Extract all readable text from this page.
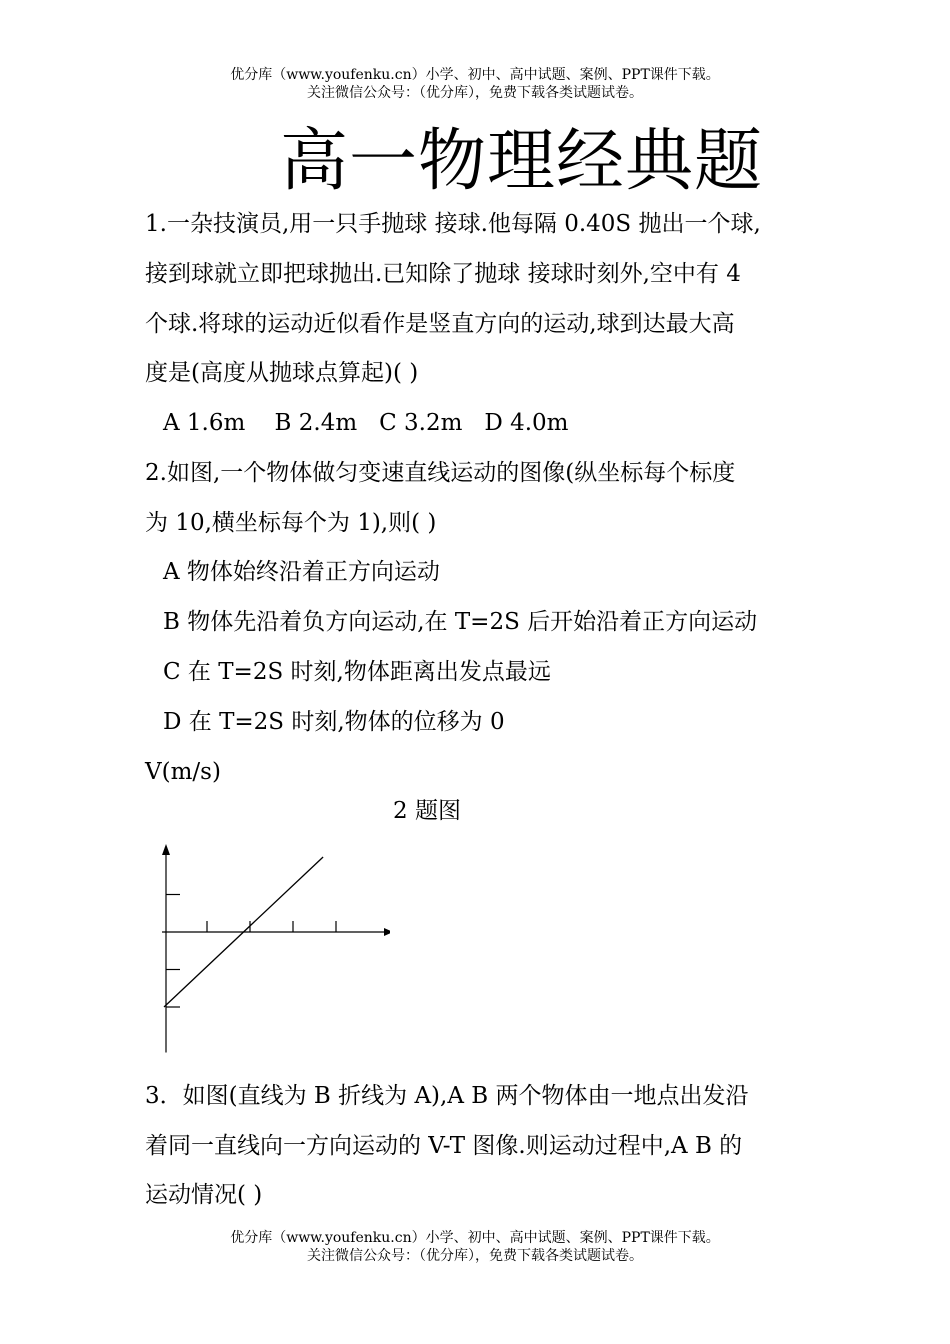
优分库（www.youfenku.cn）小学、初中、高中试题、案例、PPT课件下载。
关注微信公众号：（优分库），免费下载各类试题试卷。
高一物理经典题
1.一杂技演员,用一只手抛球 接球.他每隔 0.40S 抛出一个球,
接到球就立即把球抛出.已知除了抛球 接球时刻外,空中有 4
个球.将球的运动近似看作是竖直方向的运动,球到达最大高
度是(高度从抛球点算起)( )
A 1.6m    B 2.4m   C 3.2m   D 4.0m
2.如图,一个物体做匀变速直线运动的图像(纵坐标每个标度
为 10,横坐标每个为 1),则( )
A 物体始终沿着正方向运动
B 物体先沿着负方向运动,在 T=2S 后开始沿着正方向运动
C 在 T=2S 时刻,物体距离出发点最远
D 在 T=2S 时刻,物体的位移为 0
V(m/s)
2 题图
3．如图(直线为 B 折线为 A),A B 两个物体由一地点出发沿
着同一直线向一方向运动的 V-T 图像.则运动过程中,A B 的
运动情况( )
优分库（www.youfenku.cn）小学、初中、高中试题、案例、PPT课件下载。
关注微信公众号：（优分库），免费下载各类试题试卷。
